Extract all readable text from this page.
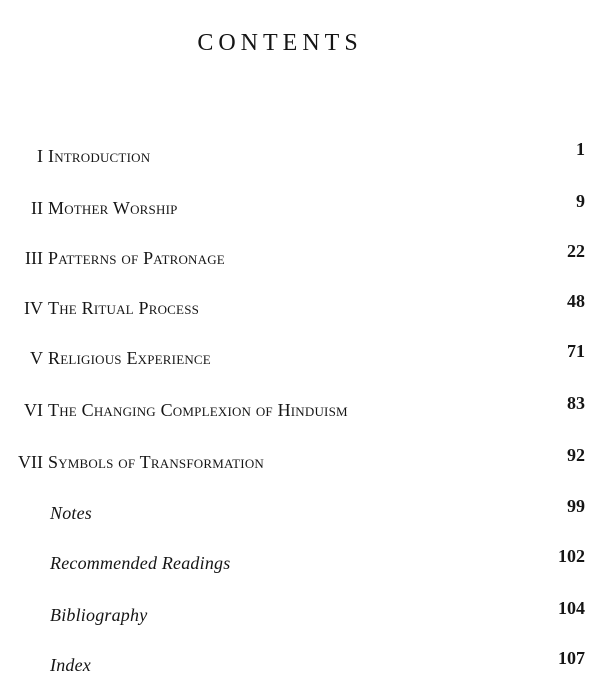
CONTENTS
I Introduction	1
II Mother Worship	9
III Patterns of Patronage	22
IV The Ritual Process	48
V Religious Experience	71
VI The Changing Complexion of Hinduism	83
VII Symbols of Transformation	92
Notes	99
Recommended Readings	102
Bibliography	104
Index	107
